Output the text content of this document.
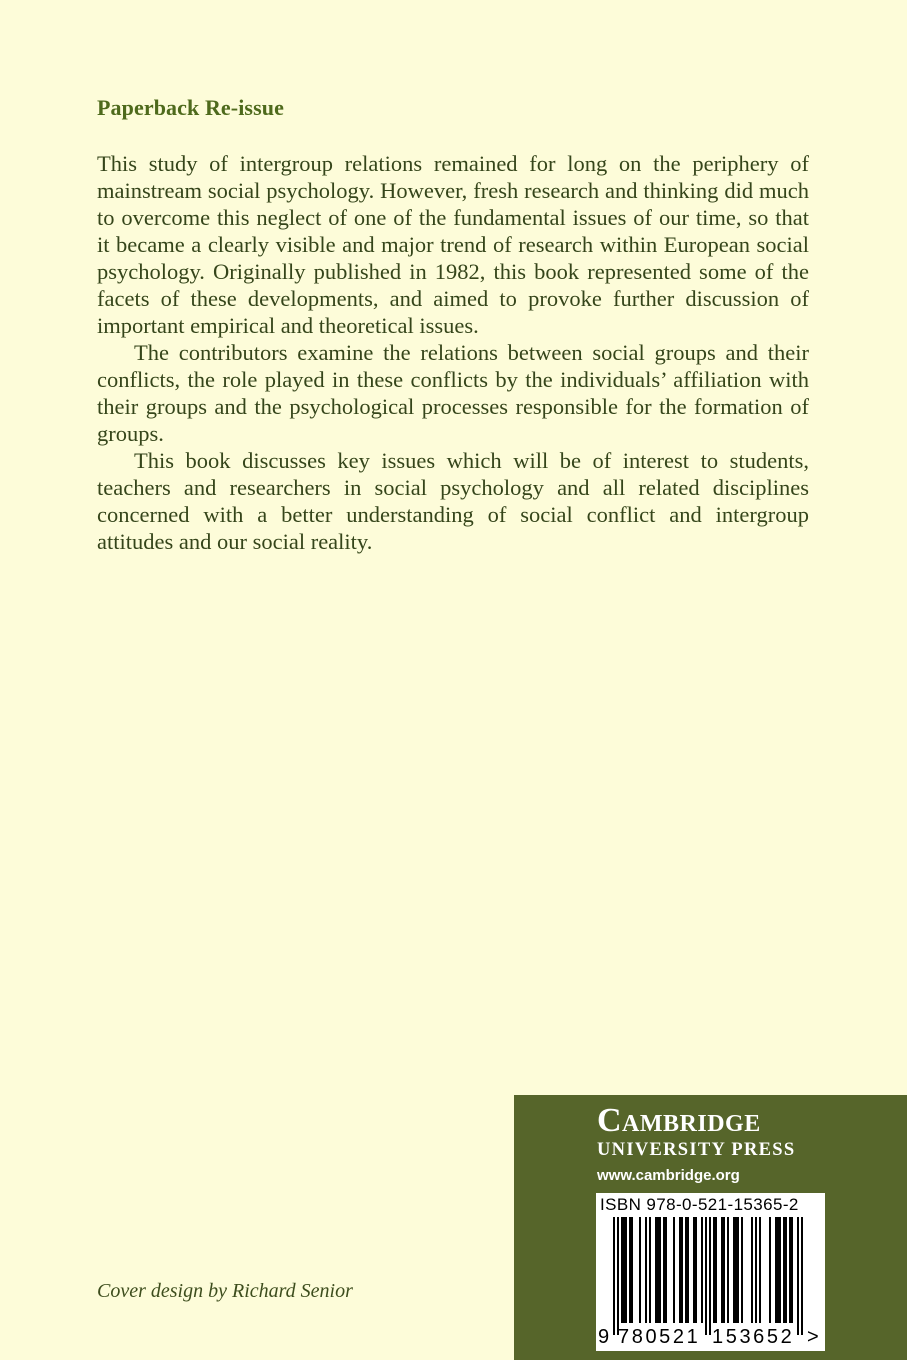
Paperback Re-issue

This study of intergroup relations remained for long on the periphery of mainstream social psychology. However, fresh research and thinking did much to overcome this neglect of one of the fundamental issues of our time, so that it became a clearly visible and major trend of research within European social psychology. Originally published in 1982, this book represented some of the facets of these developments, and aimed to provoke further discussion of important empirical and theoretical issues.

The contributors examine the relations between social groups and their conflicts, the role played in these conflicts by the individuals’ affiliation with their groups and the psychological processes responsible for the formation of groups.

This book discusses key issues which will be of interest to students, teachers and researchers in social psychology and all related disciplines concerned with a better understanding of social conflict and intergroup attitudes and our social reality.

Cover design by Richard Senior
Cambridge
UNIVERSITY PRESS
www.cambridge.org
ISBN 978-0-521-15365-2
9 780521 153652 >
